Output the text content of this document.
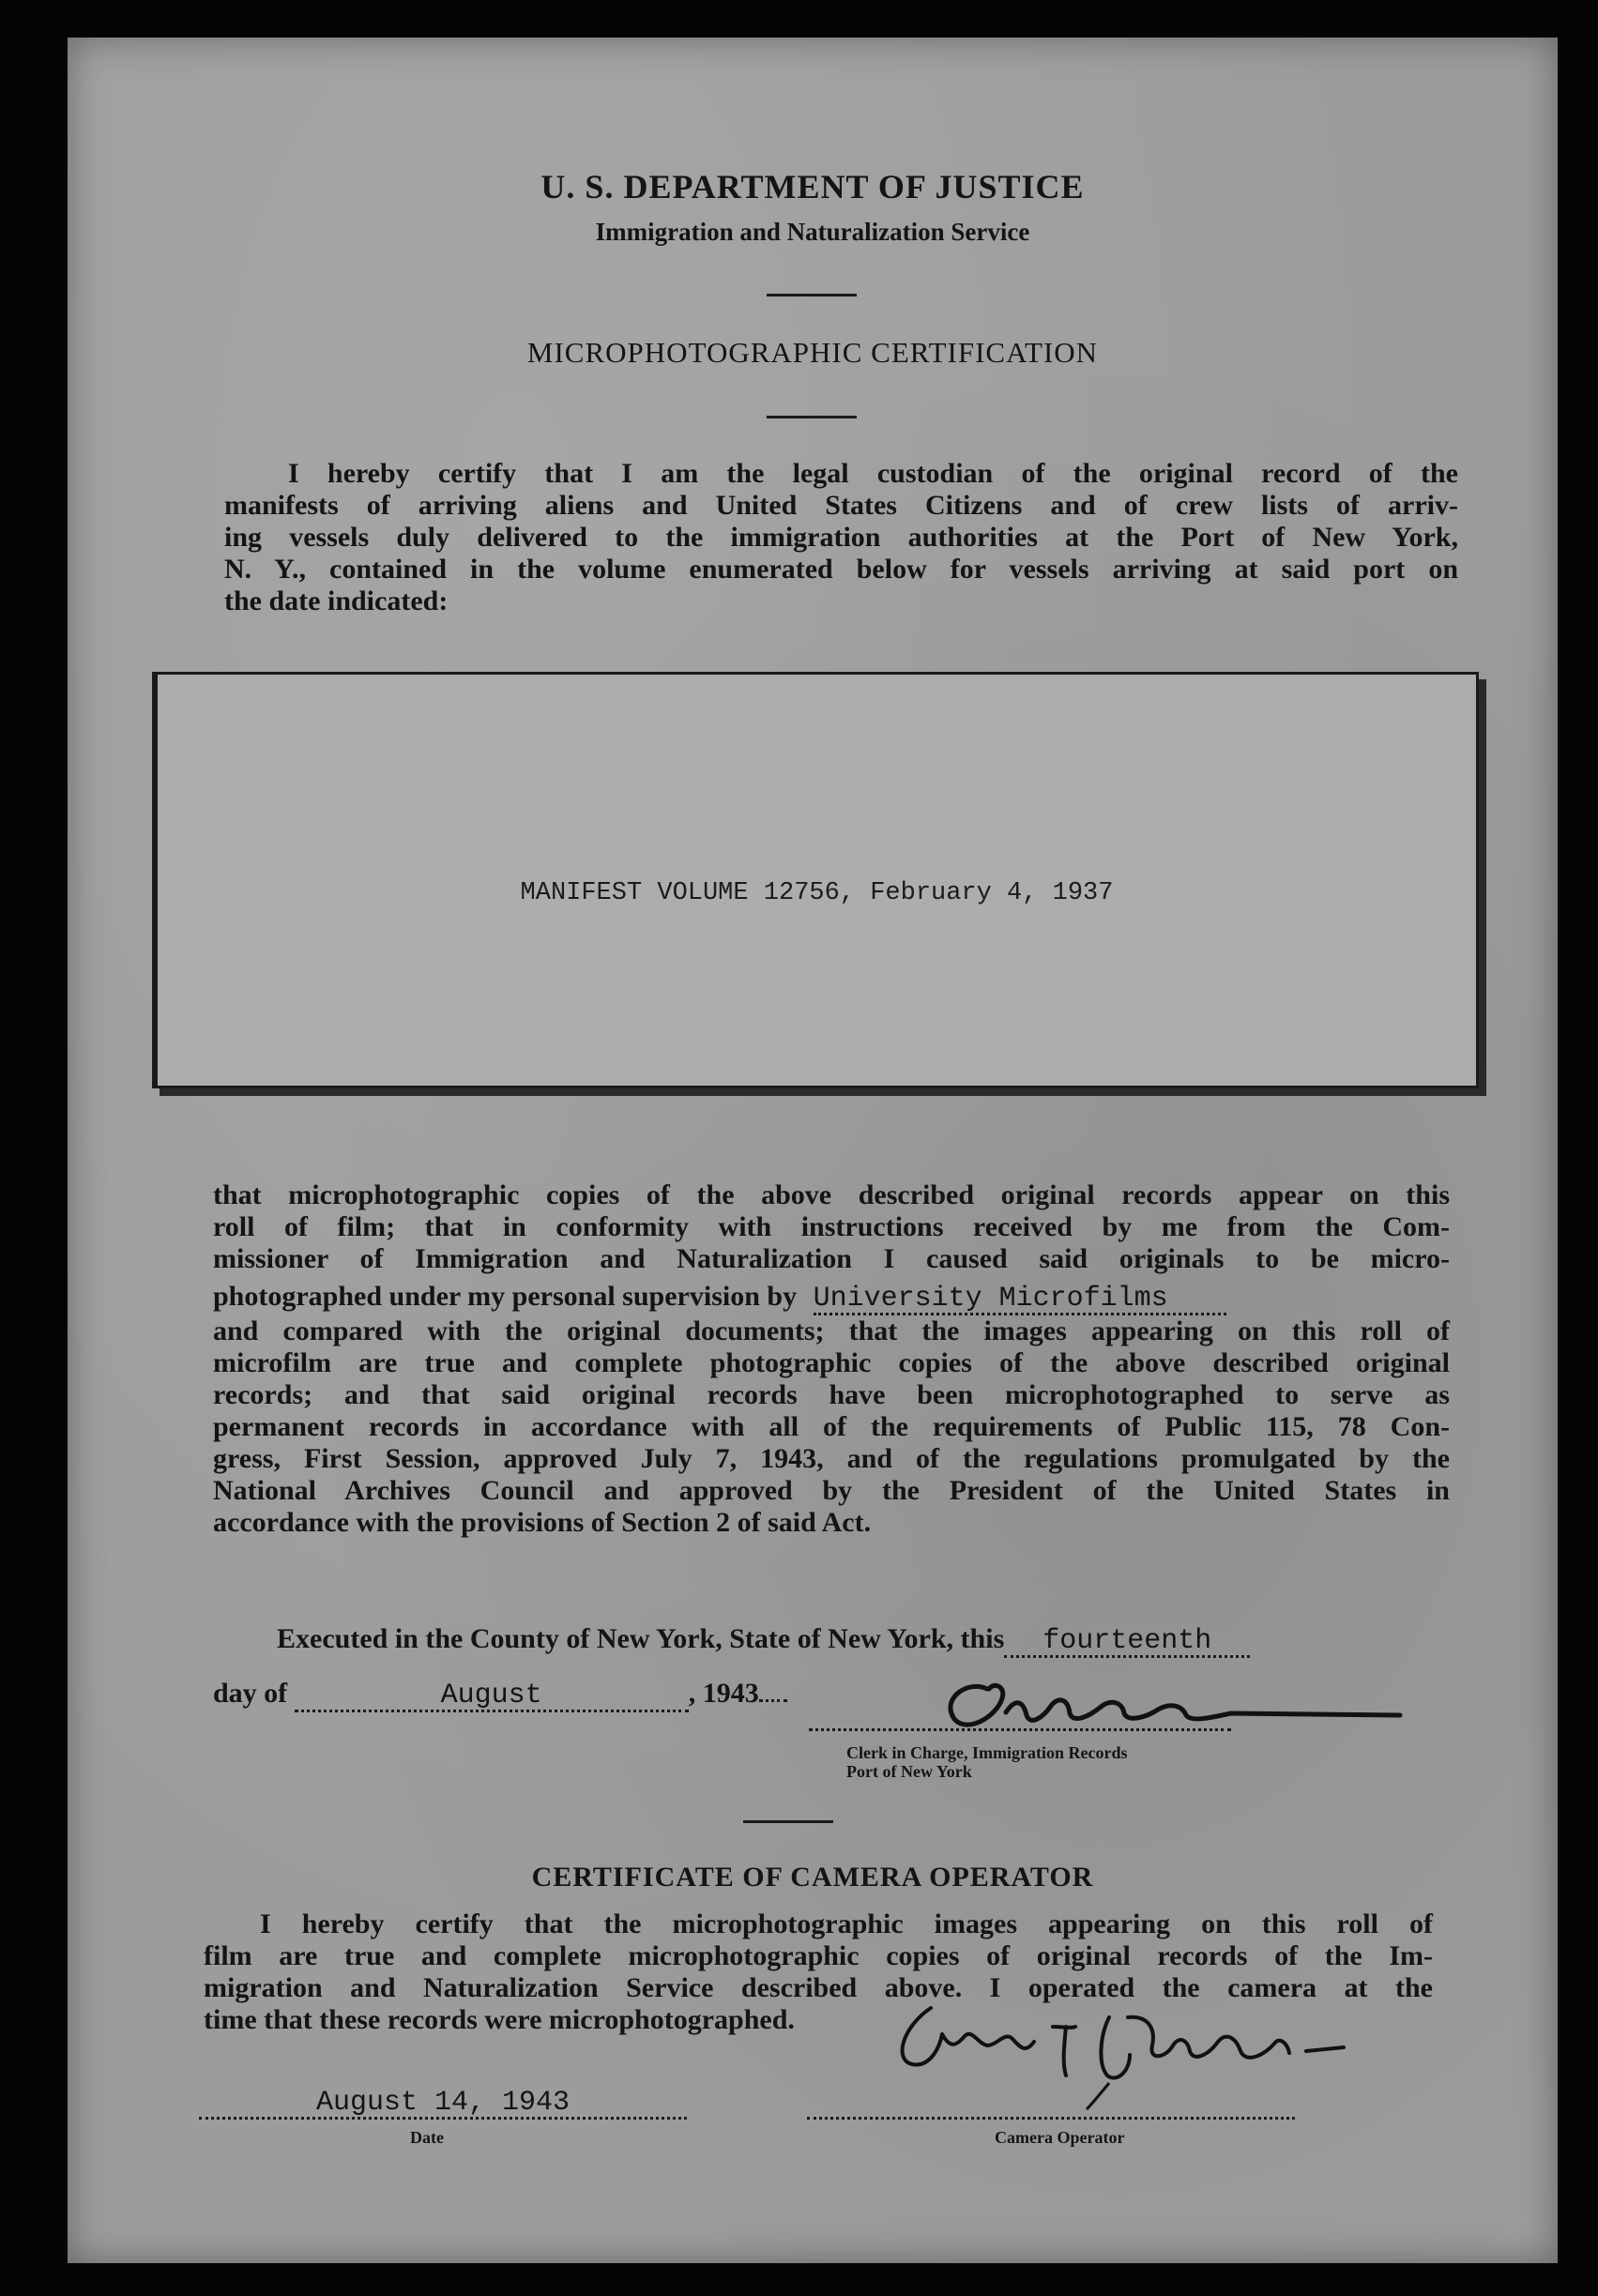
U. S. DEPARTMENT OF JUSTICE
Immigration and Naturalization Service
MICROPHOTOGRAPHIC CERTIFICATION
I hereby certify that I am the legal custodian of the original record of the
manifests of arriving aliens and United States Citizens and of crew lists of arriv-
ing vessels duly delivered to the immigration authorities at the Port of New York,
N. Y., contained in the volume enumerated below for vessels arriving at said port on
the date indicated:
MANIFEST VOLUME 12756, February 4, 1937
that microphotographic copies of the above described original records appear on this
roll of film; that in conformity with instructions received by me from the Com-
missioner of Immigration and Naturalization I caused said originals to be micro-
photographed under my personal supervision by University Microfilms
and compared with the original documents; that the images appearing on this roll of
microfilm are true and complete photographic copies of the above described original
records; and that said original records have been microphotographed to serve as
permanent records in accordance with all of the requirements of Public 115, 78 Con-
gress, First Session, approved July 7, 1943, and of the regulations promulgated by the
National Archives Council and approved by the President of the United States in
accordance with the provisions of Section 2 of said Act.
Executed in the County of New York, State of New York, this fourteenth
day of	August	, 1943
Clerk in Charge, Immigration Records
Port of New York
CERTIFICATE OF CAMERA OPERATOR
I hereby certify that the microphotographic images appearing on this roll of
film are true and complete microphotographic copies of original records of the Im-
migration and Naturalization Service described above. I operated the camera at the
time that these records were microphotographed.
August 14, 1943
Date	Camera Operator
